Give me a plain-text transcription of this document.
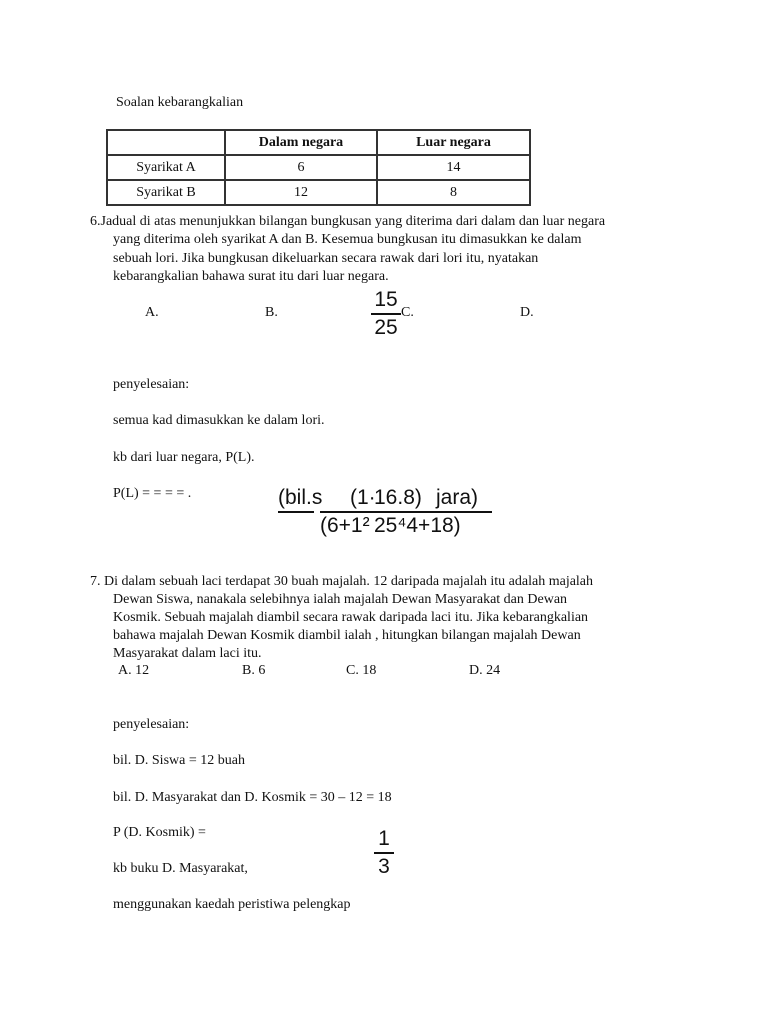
Soalan kebarangkalian
	Dalam negara	Luar negara
Syarikat A	6	14
Syarikat B	12	8
6.Jadual di atas menunjukkan bilangan bungkusan yang diterima dari dalam dan luar negara
yang diterima oleh syarikat A dan B. Kesemua bungkusan itu dimasukkan ke dalam
sebuah lori. Jika bungkusan dikeluarkan secara rawak dari lori itu, nyatakan
kebarangkalian bahawa surat itu dari luar negara.
A.	B.
15
25
C.	D.
penyelesaian:
semua kad dimasukkan ke dalam lori.
kb dari luar negara, P(L).
P(L) = = = = .	(bil.s	(1·
16.8) jara)
(6+1² 25⁴4+18)
7. Di dalam sebuah laci terdapat 30 buah majalah. 12 daripada majalah itu adalah majalah
Dewan Siswa, nanakala selebihnya ialah majalah Dewan Masyarakat dan Dewan
Kosmik. Sebuah majalah diambil secara rawak daripada laci itu. Jika kebarangkalian
bahawa majalah Dewan Kosmik diambil ialah , hitungkan bilangan majalah Dewan
Masyarakat dalam laci itu.
A. 12	B. 6	C. 18	D. 24
penyelesaian:
bil. D. Siswa = 12 buah
bil. D. Masyarakat dan D. Kosmik = 30 – 12 = 18
P (D. Kosmik) =	1
3
kb buku D. Masyarakat,
menggunakan kaedah peristiwa pelengkap
